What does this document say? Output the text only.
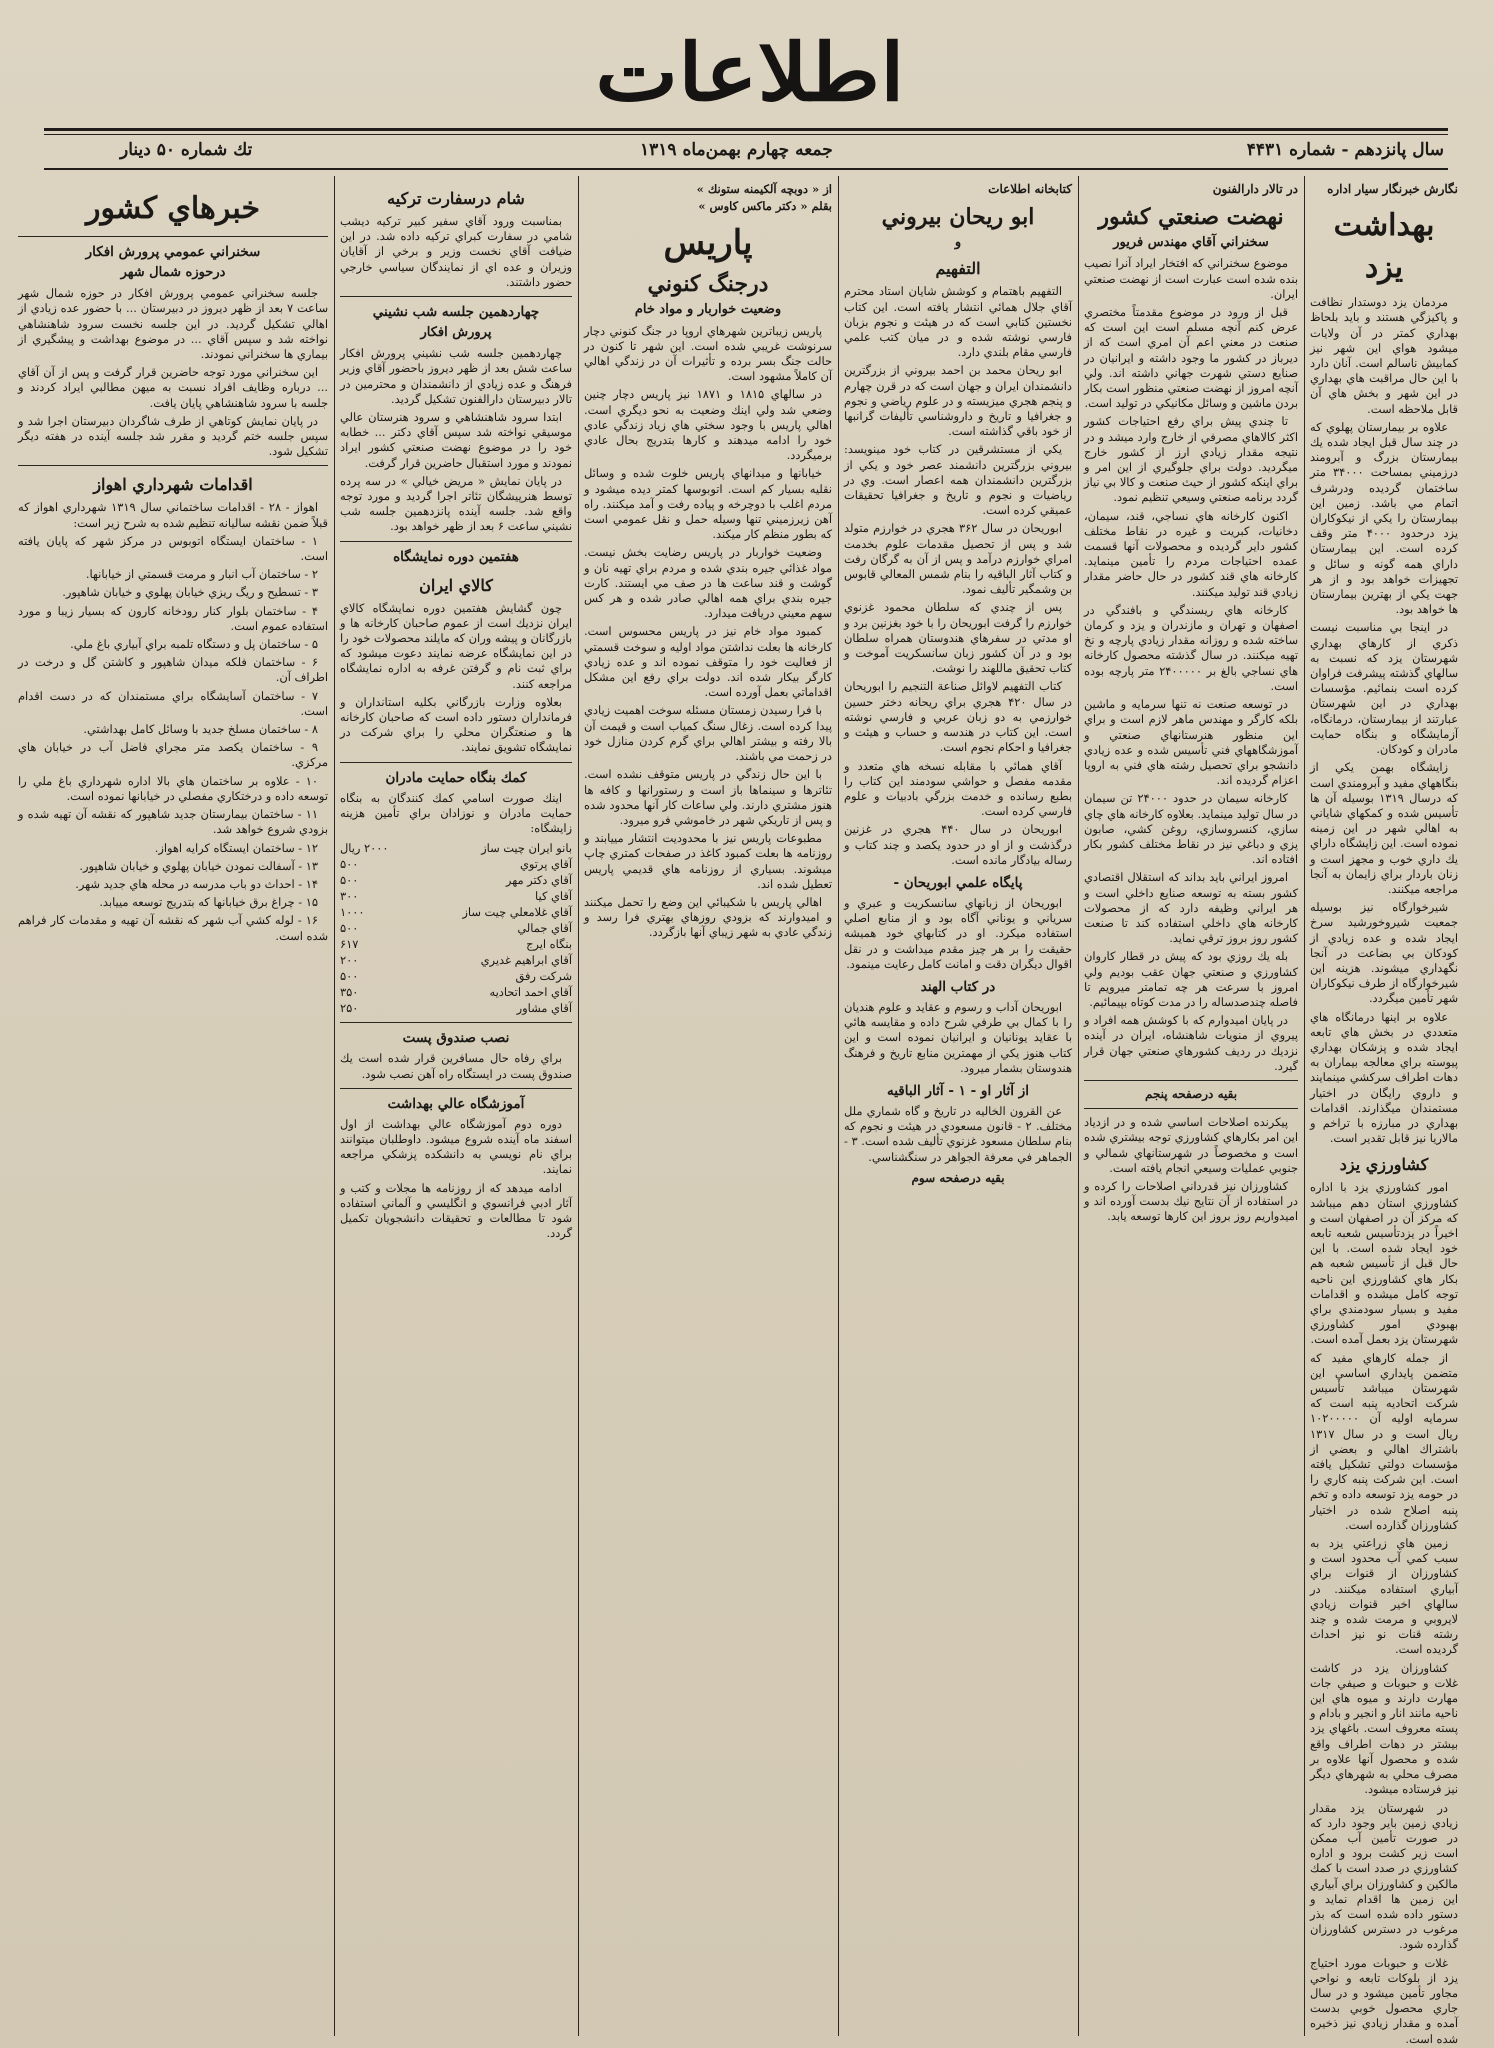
اطلاعات
سال پانزدهم - شماره ۴۴۳۱
جمعه چهارم بهمن‌ماه ۱۳۱۹
تك شماره ۵۰ دينار
نگارش خبرنگار سيار اداره
بهداشت يزد

مردمان يزد دوستدار نظافت و پاكيزگي هستند و بايد بلحاظ بهداري كمتر در آن ولايات ميشود هواي اين شهر نيز كمابيش ناسالم است. آنان دارد با اين حال مراقبت هاي بهداري در اين شهر و بخش هاي آن قابل ملاحظه است.

علاوه بر بيمارستان پهلوي كه در چند سال قبل ايجاد شده يك بيمارستان بزرگ و آبرومند درزميني بمساحت ۳۴۰۰۰ متر ساختمان گرديده ودرشرف اتمام مي باشد. زمين اين بيمارستان را يكي از نيكوكاران يزد درحدود ۴۰۰۰ متر وقف كرده است. اين بيمارستان داراي همه گونه و سائل و تجهيزات خواهد بود و از هر جهت يكي از بهترين بيمارستان ها خواهد بود.

در اينجا بي مناسبت نيست ذكري از كارهاي بهداري شهرستان يزد كه نسبت به سالهاي گذشته پيشرفت فراوان كرده است بنمائيم. مؤسسات بهداري در اين شهرستان عبارتند از بيمارستان، درمانگاه، آزمايشگاه و بنگاه حمايت مادران و كودكان.

زايشگاه بهمن يكي از بنگاههاي مفيد و آبرومندي است كه درسال ۱۳۱۹ بوسيله آن ها تأسيس شده و كمكهاي شاياني به اهالي شهر در اين زمينه نموده است. اين زايشگاه داراي يك داري خوب و مجهز است و زنان باردار براي زايمان به آنجا مراجعه ميكنند.

شيرخوارگاه نيز بوسيله جمعيت شيروخورشيد سرخ ايجاد شده و عده زيادي از كودكان بي بضاعت در آنجا نگهداري ميشوند. هزينه اين شيرخوارگاه از طرف نيكوكاران شهر تأمين ميگردد.

علاوه بر اينها درمانگاه هاي متعددي در بخش هاي تابعه ايجاد شده و پزشكان بهداري پيوسته براي معالجه بيماران به دهات اطراف سركشي مينمايند و داروي رايگان در اختيار مستمندان ميگذارند. اقدامات بهداري در مبارزه با تراخم و مالاريا نيز قابل تقدير است.

كشاورزي يزد

امور كشاورزي يزد با اداره كشاورزي استان دهم ميباشد كه مركز آن در اصفهان است و اخيراً در يزدتأسيس شعبه تابعه خود ايجاد شده است. با اين حال قبل از تأسيس شعبه هم بكار هاي كشاورزي اين ناحيه توجه كامل ميشده و اقدامات مفيد و بسيار سودمندي براي بهبودي امور كشاورزي شهرستان يزد بعمل آمده است.

از جمله كارهاي مفيد كه متضمن پايداري اساسي اين شهرستان ميباشد تأسيس شركت اتحاديه پنبه است كه سرمايه اوليه آن ۱۰۲۰۰۰۰۰ ريال است و در سال ۱۳۱۷ باشتراك اهالي و بعضي از مؤسسات دولتي تشكيل يافته است. اين شركت پنبه كاري را در حومه يزد توسعه داده و تخم پنبه اصلاح شده در اختيار كشاورزان گذارده است.

زمين هاي زراعتي يزد به سبب كمي آب محدود است و كشاورزان از قنوات براي آبياري استفاده ميكنند. در سالهاي اخير قنوات زيادي لايروبي و مرمت شده و چند رشته قنات نو نيز احداث گرديده است.

كشاورزان يزد در كاشت غلات و حبوبات و صيفي جات مهارت دارند و ميوه هاي اين ناحيه مانند انار و انجير و بادام و پسته معروف است. باغهاي يزد بيشتر در دهات اطراف واقع شده و محصول آنها علاوه بر مصرف محلي به شهرهاي ديگر نيز فرستاده ميشود.

در شهرستان يزد مقدار زيادي زمين باير وجود دارد كه در صورت تأمين آب ممكن است زير كشت برود و اداره كشاورزي در صدد است با كمك مالكين و كشاورزان براي آبياري اين زمين ها اقدام نمايد و دستور داده شده است كه بذر مرغوب در دسترس كشاورزان گذارده شود.

غلات و حبوبات مورد احتياج يزد از بلوكات تابعه و نواحي مجاور تأمين ميشود و در سال جاري محصول خوبي بدست آمده و مقدار زيادي نيز ذخيره شده است.

در تالار دارالفنون
نهضت صنعتي كشور
سخنراني آقاي مهندس فريور

موضوع سخنراني كه افتخار ايراد آنرا نصيب بنده شده است عبارت است از نهضت صنعتي ايران.

قبل از ورود در موضوع مقدمتاً مختصري عرض كنم آنچه مسلم است اين است كه صنعت در معني اعم آن امري است كه از ديرباز در كشور ما وجود داشته و ايرانيان در صنايع دستي شهرت جهاني داشته اند. ولي آنچه امروز از نهضت صنعتي منظور است بكار بردن ماشين و وسائل مكانيكي در توليد است.

تا چندي پيش براي رفع احتياجات كشور اكثر كالاهاي مصرفي از خارج وارد ميشد و در نتيجه مقدار زيادي ارز از كشور خارج ميگرديد. دولت براي جلوگيري از اين امر و براي اينكه كشور از حيث صنعت و كالا بي نياز گردد برنامه صنعتي وسيعي تنظيم نمود.

اكنون كارخانه هاي نساجي، قند، سيمان، دخانيات، كبريت و غيره در نقاط مختلف كشور داير گرديده و محصولات آنها قسمت عمده احتياجات مردم را تأمين مينمايد. كارخانه هاي قند كشور در حال حاضر مقدار زيادي قند توليد ميكنند.

كارخانه هاي ريسندگي و بافندگي در اصفهان و تهران و مازندران و يزد و كرمان ساخته شده و روزانه مقدار زيادي پارچه و نخ تهيه ميكنند. در سال گذشته محصول كارخانه هاي نساجي بالغ بر ۲۴۰۰۰۰۰ متر پارچه بوده است.

در توسعه صنعت نه تنها سرمايه و ماشين بلكه كارگر و مهندس ماهر لازم است و براي اين منظور هنرستانهاي صنعتي و آموزشگاههاي فني تأسيس شده و عده زيادي دانشجو براي تحصيل رشته هاي فني به اروپا اعزام گرديده اند.

كارخانه سيمان در حدود ۲۴۰۰۰ تن سيمان در سال توليد مينمايد. بعلاوه كارخانه هاي چاي سازي، كنسروسازي، روغن كشي، صابون پزي و دباغي نيز در نقاط مختلف كشور بكار افتاده اند.

امروز ايراني بايد بداند كه استقلال اقتصادي كشور بسته به توسعه صنايع داخلي است و هر ايراني وظيفه دارد كه از محصولات كارخانه هاي داخلي استفاده كند تا صنعت كشور روز بروز ترقي نمايد.

بله يك روزي بود كه پيش در قطار كاروان كشاورزي و صنعتي جهان عقب بوديم ولي امروز با سرعت هر چه تمامتر ميرويم تا فاصله چندصدساله را در مدت كوتاه بپيمائيم.

در پايان اميدوارم كه با كوشش همه افراد و پيروي از منويات شاهنشاه، ايران در آينده نزديك در رديف كشورهاي صنعتي جهان قرار گيرد.

بقيه درصفحه پنجم

پيكرنده اصلاحات اساسي شده و در ازدياد اين امر بكارهاي كشاورزي توجه بيشتري شده است و مخصوصاً در شهرستانهاي شمالي و جنوبي عمليات وسيعي انجام يافته است.

كشاورزان نيز قدرداني اصلاحات را كرده و در استفاده از آن نتايج نيك بدست آورده اند و اميدواريم روز بروز اين كارها توسعه يابد.

كتابخانه اطلاعات
ابو ريحان بيروني
و
التفهيم

التفهيم باهتمام و كوشش شايان استاد محترم آقاي جلال همائي انتشار يافته است. اين كتاب نخستين كتابي است كه در هيئت و نجوم بزبان فارسي نوشته شده و در ميان كتب علمي فارسي مقام بلندي دارد.

ابو ريحان محمد بن احمد بيروني از بزرگترين دانشمندان ايران و جهان است كه در قرن چهارم و پنجم هجري ميزيسته و در علوم رياضي و نجوم و جغرافيا و تاريخ و داروشناسي تأليفات گرانبها از خود باقي گذاشته است.

يكي از مستشرقين در كتاب خود مينويسد: بيروني بزرگترين دانشمند عصر خود و يكي از بزرگترين دانشمندان همه اعصار است. وي در رياضيات و نجوم و تاريخ و جغرافيا تحقيقات عميقي كرده است.

ابوريحان در سال ۳۶۲ هجري در خوارزم متولد شد و پس از تحصيل مقدمات علوم بخدمت امراي خوارزم درآمد و پس از آن به گرگان رفت و كتاب آثار الباقيه را بنام شمس المعالي قابوس بن وشمگير تأليف نمود.

پس از چندي كه سلطان محمود غزنوي خوارزم را گرفت ابوريحان را با خود بغزنين برد و او مدتي در سفرهاي هندوستان همراه سلطان بود و در آن كشور زبان سانسكريت آموخت و كتاب تحقيق ماللهند را نوشت.

كتاب التفهيم لاوائل صناعة التنجيم را ابوريحان در سال ۴۲۰ هجري براي ريحانه دختر حسين خوارزمي به دو زبان عربي و فارسي نوشته است. اين كتاب در هندسه و حساب و هيئت و جغرافيا و احكام نجوم است.

آقاي همائي با مقابله نسخه هاي متعدد و مقدمه مفصل و حواشي سودمند اين كتاب را بطبع رسانده و خدمت بزرگي بادبيات و علوم فارسي كرده است.

ابوريحان در سال ۴۴۰ هجري در غزنين درگذشت و از او در حدود يكصد و چند كتاب و رساله بيادگار مانده است.

پايگاه علمي ابوريحان -

ابوريحان از زبانهاي سانسكريت و عبري و سرياني و يوناني آگاه بود و از منابع اصلي استفاده ميكرد. او در كتابهاي خود هميشه حقيقت را بر هر چيز مقدم ميداشت و در نقل اقوال ديگران دقت و امانت كامل رعايت مينمود.

در كتاب الهند

ابوريحان آداب و رسوم و عقايد و علوم هنديان را با كمال بي طرفي شرح داده و مقايسه هائي با عقايد يونانيان و ايرانيان نموده است و اين كتاب هنوز يكي از مهمترين منابع تاريخ و فرهنگ هندوستان بشمار ميرود.

از آثار او - ۱ - آثار الباقيه

عن القرون الخاليه در تاريخ و گاه شماري ملل مختلف. ۲ - قانون مسعودي در هيئت و نجوم كه بنام سلطان مسعود غزنوي تأليف شده است. ۳ - الجماهر في معرفة الجواهر در سنگشناسي.

بقيه درصفحه سوم
از « دوبچه آلكيمنه ستونك »
بقلم « دكتر ماكس كاوس »
پاريس
درجنگ كنوني
وضعيت خواربار و مواد خام

پاريس زيباترين شهرهاي اروپا در جنگ كنوني دچار سرنوشت غريبي شده است. اين شهر تا كنون در حالت جنگ بسر برده و تأثيرات آن در زندگي اهالي آن كاملاً مشهود است.

در سالهاي ۱۸۱۵ و ۱۸۷۱ نيز پاريس دچار چنين وضعي شد ولي اينك وضعيت به نحو ديگري است. اهالي پاريس با وجود سختي هاي زياد زندگي عادي خود را ادامه ميدهند و كارها بتدريج بحال عادي برميگردد.

خيابانها و ميدانهاي پاريس خلوت شده و وسائل نقليه بسيار كم است. اتوبوسها كمتر ديده ميشود و مردم اغلب با دوچرخه و پياده رفت و آمد ميكنند. راه آهن زيرزميني تنها وسيله حمل و نقل عمومي است كه بطور منظم كار ميكند.

وضعيت خواربار در پاريس رضايت بخش نيست. مواد غذائي جيره بندي شده و مردم براي تهيه نان و گوشت و قند ساعت ها در صف مي ايستند. كارت جيره بندي براي همه اهالي صادر شده و هر كس سهم معيني دريافت ميدارد.

كمبود مواد خام نيز در پاريس محسوس است. كارخانه ها بعلت نداشتن مواد اوليه و سوخت قسمتي از فعاليت خود را متوقف نموده اند و عده زيادي كارگر بيكار شده اند. دولت براي رفع اين مشكل اقداماتي بعمل آورده است.

با فرا رسيدن زمستان مسئله سوخت اهميت زيادي پيدا كرده است. زغال سنگ كمياب است و قيمت آن بالا رفته و بيشتر اهالي براي گرم كردن منازل خود در زحمت مي باشند.

با اين حال زندگي در پاريس متوقف نشده است. تئاترها و سينماها باز است و رستورانها و كافه ها هنوز مشتري دارند. ولي ساعات كار آنها محدود شده و پس از تاريكي شهر در خاموشي فرو ميرود.

مطبوعات پاريس نيز با محدوديت انتشار مييابند و روزنامه ها بعلت كمبود كاغذ در صفحات كمتري چاپ ميشوند. بسياري از روزنامه هاي قديمي پاريس تعطيل شده اند.

اهالي پاريس با شكيبائي اين وضع را تحمل ميكنند و اميدوارند كه بزودي روزهاي بهتري فرا رسد و زندگي عادي به شهر زيباي آنها بازگردد.

شام درسفارت تركيه

بمناسبت ورود آقاي سفير كبير تركيه ديشب شامي در سفارت كبراي تركيه داده شد. در اين ضيافت آقاي نخست وزير و برخي از آقايان وزيران و عده اي از نمايندگان سياسي خارجي حضور داشتند.

چهاردهمين جلسه شب نشيني
پرورش افكار

چهاردهمين جلسه شب نشيني پرورش افكار ساعت شش بعد از ظهر ديروز باحضور آقاي وزير فرهنگ و عده زيادي از دانشمندان و محترمين در تالار دبيرستان دارالفنون تشكيل گرديد.

ابتدا سرود شاهنشاهي و سرود هنرستان عالي موسيقي نواخته شد سپس آقاي دكتر ... خطابه خود را در موضوع نهضت صنعتي كشور ايراد نمودند و مورد استقبال حاضرين قرار گرفت.

در پايان نمايش « مريض خيالي » در سه پرده توسط هنرپيشگان تئاتر اجرا گرديد و مورد توجه واقع شد. جلسه آينده پانزدهمين جلسه شب نشيني ساعت ۶ بعد از ظهر خواهد بود.

هفتمين دوره نمايشگاه
كالاي ايران

چون گشايش هفتمين دوره نمايشگاه كالاي ايران نزديك است از عموم صاحبان كارخانه ها و بازرگانان و پيشه وران كه مايلند محصولات خود را در اين نمايشگاه عرضه نمايند دعوت ميشود كه براي ثبت نام و گرفتن غرفه به اداره نمايشگاه مراجعه كنند.

بعلاوه وزارت بازرگاني بكليه استانداران و فرمانداران دستور داده است كه صاحبان كارخانه ها و صنعتگران محلي را براي شركت در نمايشگاه تشويق نمايند.

كمك بنگاه حمايت مادران

اينك صورت اسامي كمك كنندگان به بنگاه حمايت مادران و نوزادان براي تأمين هزينه زايشگاه:

بانو ايران چيت ساز
۲۰۰۰ ريال
آقاي پرتوي
۵۰۰
آقاي دكتر مهر
۵۰۰
آقاي كيا
۳۰۰
آقاي غلامعلي چيت ساز
۱۰۰۰
آقاي جمالي
۵۰۰
بنگاه ايرج
۶۱۷
آقاي ابراهيم غديري
۲۰۰
شركت رفق
۵۰۰
آقاي احمد اتحاديه
۳۵۰
آقاي مشاور
۲۵۰
نصب صندوق پست

براي رفاه حال مسافرين قرار شده است يك صندوق پست در ايستگاه راه آهن نصب شود.

آموزشگاه عالي بهداشت

دوره دوم آموزشگاه عالي بهداشت از اول اسفند ماه آينده شروع ميشود. داوطلبان ميتوانند براي نام نويسي به دانشكده پزشكي مراجعه نمايند.

ادامه ميدهد كه از روزنامه ها مجلات و كتب و آثار ادبي فرانسوي و انگليسي و آلماني استفاده شود تا مطالعات و تحقيقات دانشجويان تكميل گردد.

خبرهاي كشور
سخنراني عمومي پرورش افكار
درحوزه شمال شهر

جلسه سخنراني عمومي پرورش افكار در حوزه شمال شهر ساعت ۷ بعد از ظهر ديروز در دبيرستان ... با حضور عده زيادي از اهالي تشكيل گرديد. در اين جلسه نخست سرود شاهنشاهي نواخته شد و سپس آقاي ... در موضوع بهداشت و پيشگيري از بيماري ها سخنراني نمودند.

اين سخنراني مورد توجه حاضرين قرار گرفت و پس از آن آقاي ... درباره وظايف افراد نسبت به ميهن مطالبي ايراد كردند و جلسه با سرود شاهنشاهي پايان يافت.

در پايان نمايش كوتاهي از طرف شاگردان دبيرستان اجرا شد و سپس جلسه ختم گرديد و مقرر شد جلسه آينده در هفته ديگر تشكيل شود.

اقدامات شهرداري اهواز

اهواز - ۲۸ - اقدامات ساختماني سال ۱۳۱۹ شهرداري اهواز كه قبلاً ضمن نقشه ساليانه تنظيم شده به شرح زير است:

۱ - ساختمان ايستگاه اتوبوس در مركز شهر كه پايان يافته است.

۲ - ساختمان آب انبار و مرمت قسمتي از خيابانها.

۳ - تسطيح و ريگ ريزي خيابان پهلوي و خيابان شاهپور.

۴ - ساختمان بلوار كنار رودخانه كارون كه بسيار زيبا و مورد استفاده عموم است.

۵ - ساختمان پل و دستگاه تلمبه براي آبياري باغ ملي.

۶ - ساختمان فلكه ميدان شاهپور و كاشتن گل و درخت در اطراف آن.

۷ - ساختمان آسايشگاه براي مستمندان كه در دست اقدام است.

۸ - ساختمان مسلخ جديد با وسائل كامل بهداشتي.

۹ - ساختمان يكصد متر مجراي فاضل آب در خيابان هاي مركزي.

۱۰ - علاوه بر ساختمان هاي بالا اداره شهرداري باغ ملي را توسعه داده و درختكاري مفصلي در خيابانها نموده است.

۱۱ - ساختمان بيمارستان جديد شاهپور كه نقشه آن تهيه شده و بزودي شروع خواهد شد.

۱۲ - ساختمان ايستگاه كرايه اهواز.

۱۳ - آسفالت نمودن خيابان پهلوي و خيابان شاهپور.

۱۴ - احداث دو باب مدرسه در محله هاي جديد شهر.

۱۵ - چراغ برق خيابانها كه بتدريج توسعه مييابد.

۱۶ - لوله كشي آب شهر كه نقشه آن تهيه و مقدمات كار فراهم شده است.
